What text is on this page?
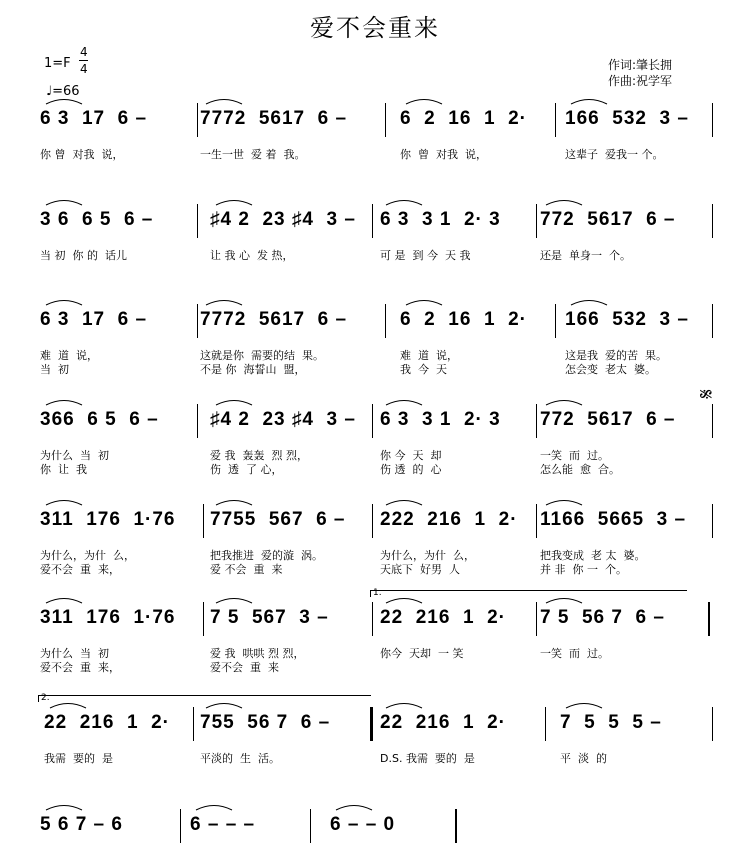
爱不会重来
1=F
4
4
♩=66
作词:肇长拥
作曲:祝学军
6 3  17  6 –	7772  5617  6 –	6  2  16  1  2· 166  532  3 –
你 曾  对我  说，	一生一世  爱 着  我。	你  曾  对我  说，	这辈子  爱我一 个。
3 6  6 5  6 –	♯4 2  23 ♯4  3 – 6 3  3 1  2· 3 772  5617  6 –
当 初  你 的  话儿	让 我 心  发 热，	可 是  到 今  天 我	还是  单身一  个。
6 3  17  6 –	7772  5617  6 –	6  2  16  1  2· 166  532  3 –
难  道  说，	这就是你  需要的结  果。	难  道  说，	这是我  爱的苦  果。
当  初	不是 你  海誓山  盟，	我  今  天	怎会变  老太  婆。
366  6 5  6 –	♯4 2  23 ♯4  3 – 6 3  3 1  2· 3 772  5617  6 –
为什么  当  初	爱 我  轰轰  烈 烈，	你 今  天  却	一笑  而  过。
你  让  我	伤  透  了 心，	伤 透  的  心	怎么能  愈  合。
311  176  1·76 7755  567  6 – 222  216  1  2· 1166  5665  3 –
为什么，为什  么，	把我推进  爱的漩  涡。	为什么，为什  么，	把我变成  老 太  婆。
爱不会  重  来，	爱 不会  重  来	天底下  好男  人	并 非  你 一  个。
311  176  1·76 7 5  567  3 –	22  216  1  2· 7 5  56 7  6 –
为什么  当  初	爱 我  哄哄 烈 烈，	你今  天却  一 笑	一笑  而  过。
爱不会  重  来，	爱不会  重  来
22  216  1  2· 755  56 7  6 –	22  216  1  2·	7  5  5  5 –
我需  要的  是	平淡的  生  活。	D.S. 我需  要的  是	平  淡  的
5 6 7 – 6	6 – – –	6 – – 0
𝄋
1.
2.
